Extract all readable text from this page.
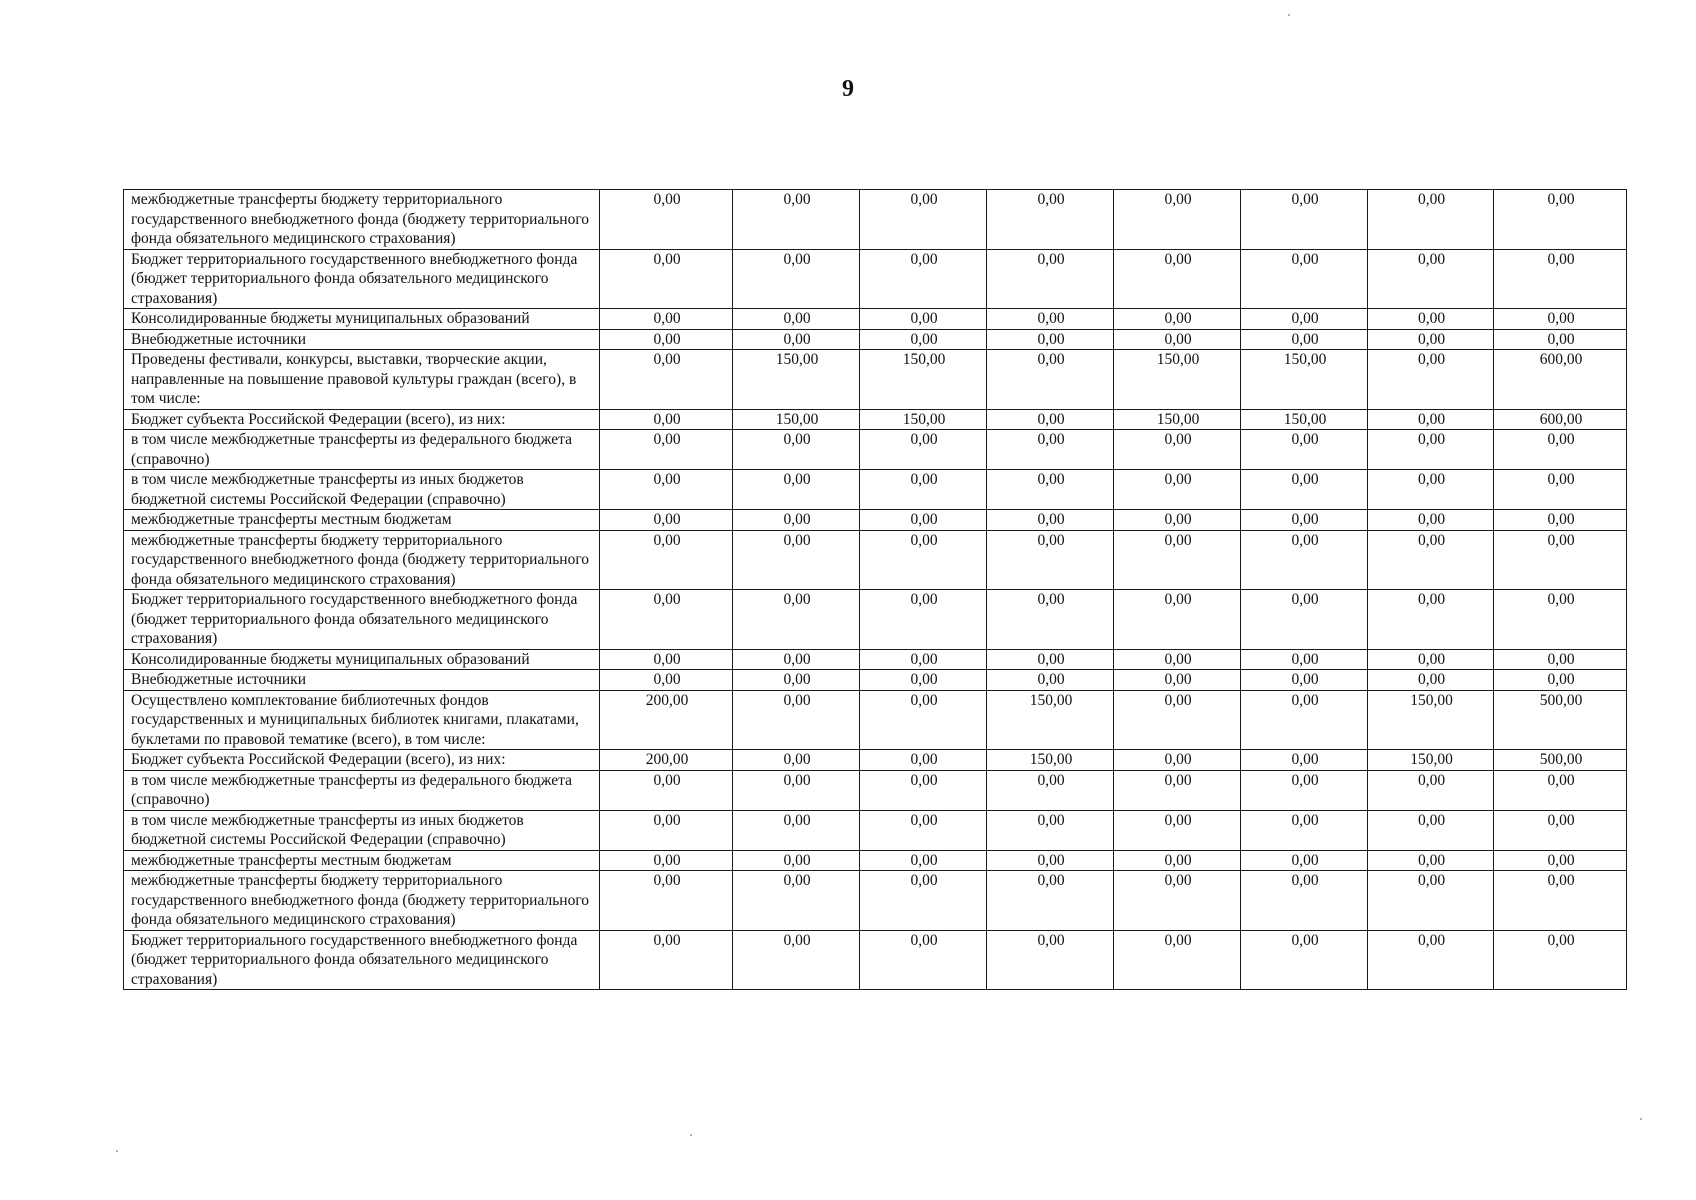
9
межбюджетные трансферты бюджету территориального государственного внебюджетного фонда (бюджету территориального фонда обязательного медицинского страхования)	0,00	0,00	0,00	0,00	0,00	0,00	0,00	0,00
Бюджет территориального государственного внебюджетного фонда (бюджет территориального фонда обязательного медицинского страхования)	0,00	0,00	0,00	0,00	0,00	0,00	0,00	0,00
Консолидированные бюджеты муниципальных образований	0,00	0,00	0,00	0,00	0,00	0,00	0,00	0,00
Внебюджетные источники	0,00	0,00	0,00	0,00	0,00	0,00	0,00	0,00
Проведены фестивали, конкурсы, выставки, творческие акции, направленные на повышение правовой культуры граждан (всего), в том числе:	0,00	150,00	150,00	0,00	150,00	150,00	0,00	600,00
Бюджет субъекта Российской Федерации (всего), из них:	0,00	150,00	150,00	0,00	150,00	150,00	0,00	600,00
в том числе межбюджетные трансферты из федерального бюджета (справочно)	0,00	0,00	0,00	0,00	0,00	0,00	0,00	0,00
в том числе межбюджетные трансферты из иных бюджетов бюджетной системы Российской Федерации (справочно)	0,00	0,00	0,00	0,00	0,00	0,00	0,00	0,00
межбюджетные трансферты местным бюджетам	0,00	0,00	0,00	0,00	0,00	0,00	0,00	0,00
межбюджетные трансферты бюджету территориального государственного внебюджетного фонда (бюджету территориального фонда обязательного медицинского страхования)	0,00	0,00	0,00	0,00	0,00	0,00	0,00	0,00
Бюджет территориального государственного внебюджетного фонда (бюджет территориального фонда обязательного медицинского страхования)	0,00	0,00	0,00	0,00	0,00	0,00	0,00	0,00
Консолидированные бюджеты муниципальных образований	0,00	0,00	0,00	0,00	0,00	0,00	0,00	0,00
Внебюджетные источники	0,00	0,00	0,00	0,00	0,00	0,00	0,00	0,00
Осуществлено комплектование библиотечных фондов государственных и муниципальных библиотек книгами, плакатами, буклетами по правовой тематике (всего), в том числе:	200,00	0,00	0,00	150,00	0,00	0,00	150,00	500,00
Бюджет субъекта Российской Федерации (всего), из них:	200,00	0,00	0,00	150,00	0,00	0,00	150,00	500,00
в том числе межбюджетные трансферты из федерального бюджета (справочно)	0,00	0,00	0,00	0,00	0,00	0,00	0,00	0,00
в том числе межбюджетные трансферты из иных бюджетов бюджетной системы Российской Федерации (справочно)	0,00	0,00	0,00	0,00	0,00	0,00	0,00	0,00
межбюджетные трансферты местным бюджетам	0,00	0,00	0,00	0,00	0,00	0,00	0,00	0,00
межбюджетные трансферты бюджету территориального государственного внебюджетного фонда (бюджету территориального фонда обязательного медицинского страхования)	0,00	0,00	0,00	0,00	0,00	0,00	0,00	0,00
Бюджет территориального государственного внебюджетного фонда (бюджет территориального фонда обязательного медицинского страхования)	0,00	0,00	0,00	0,00	0,00	0,00	0,00	0,00
